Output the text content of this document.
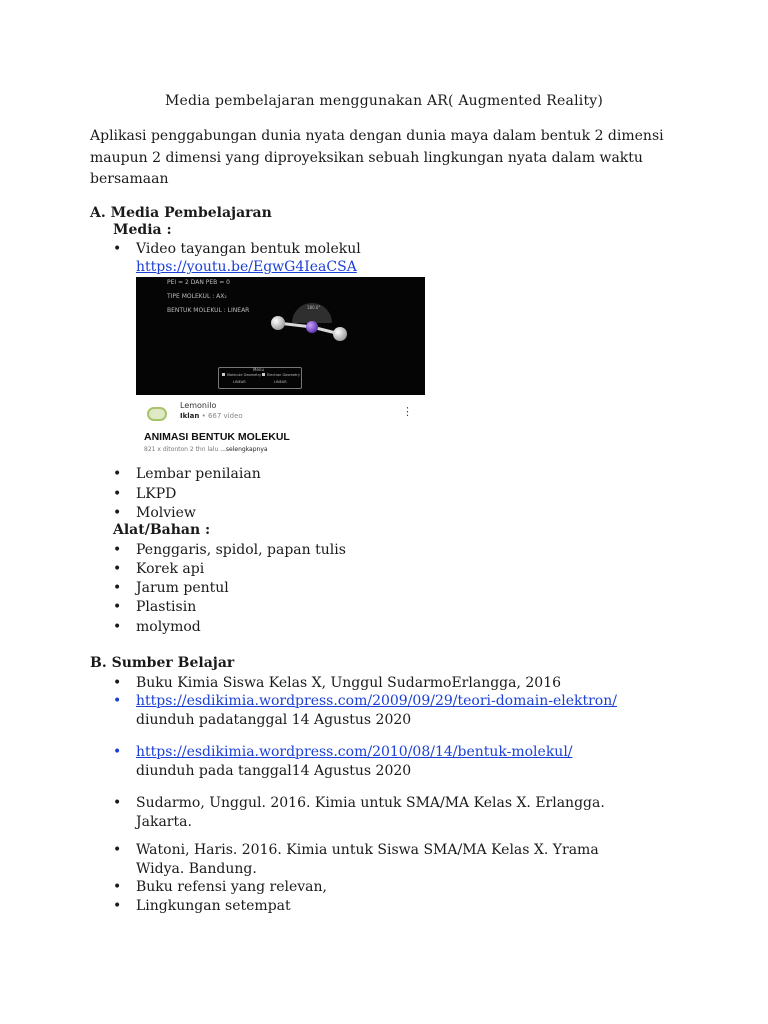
Media pembelajaran menggunakan AR( Augmented Reality)
Aplikasi penggabungan dunia nyata dengan dunia maya dalam bentuk 2 dimensi maupun 2 dimensi yang diproyeksikan sebuah lingkungan nyata dalam waktu bersamaan
A. Media Pembelajaran
Media :
• Video tayangan bentuk molekul
https://youtu.be/EgwG4IeaCSA
PEI = 2 DAN PEB = 0
TIPE MOLEKUL : AX₂
BENTUK MOLEKUL : LINEAR	180.0°
Menu
Molecule Geometry Electron Geometry
LINEAR	LINEAR
Lemonilo
Iklan • 667 video	⋮
ANIMASI BENTUK MOLEKUL
821 x ditonton 2 thn lalu ...selengkapnya
• Lembar penilaian
• LKPD
• Molview
Alat/Bahan :
• Penggaris, spidol, papan tulis
• Korek api
• Jarum pentul
• Plastisin
• molymod
B. Sumber Belajar
• Buku Kimia Siswa Kelas X, Unggul SudarmoErlangga, 2016
• https://esdikimia.wordpress.com/2009/09/29/teori-domain-elektron/
diunduh padatanggal 14 Agustus 2020
• https://esdikimia.wordpress.com/2010/08/14/bentuk-molekul/
diunduh pada tanggal14 Agustus 2020
• Sudarmo, Unggul. 2016. Kimia untuk SMA/MA Kelas X. Erlangga.
Jakarta.
• Watoni, Haris. 2016. Kimia untuk Siswa SMA/MA Kelas X. Yrama
Widya. Bandung.
• Buku refensi yang relevan,
• Lingkungan setempat
